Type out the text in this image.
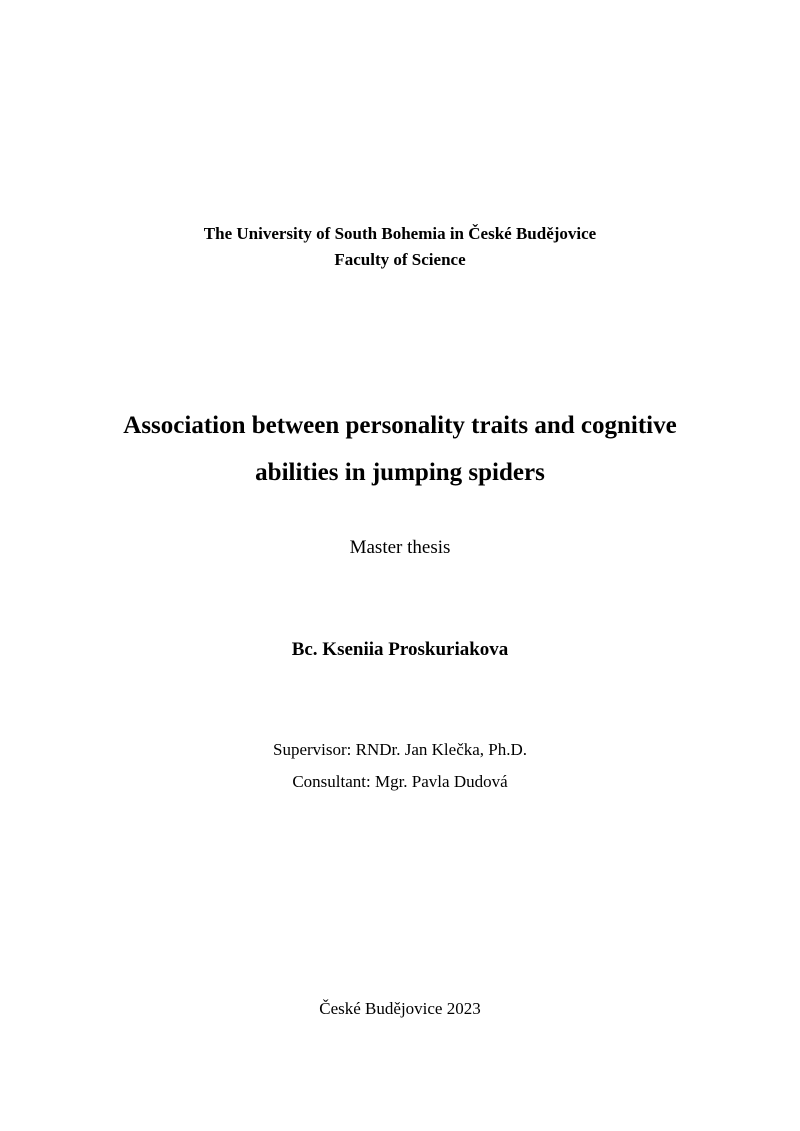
The University of South Bohemia in České Budějovice

Faculty of Science

Association between personality traits and cognitive
abilities in jumping spiders

Master thesis

Bc. Kseniia Proskuriakova

Supervisor: RNDr. Jan Klečka, Ph.D.

Consultant: Mgr. Pavla Dudová

České Budějovice 2023
